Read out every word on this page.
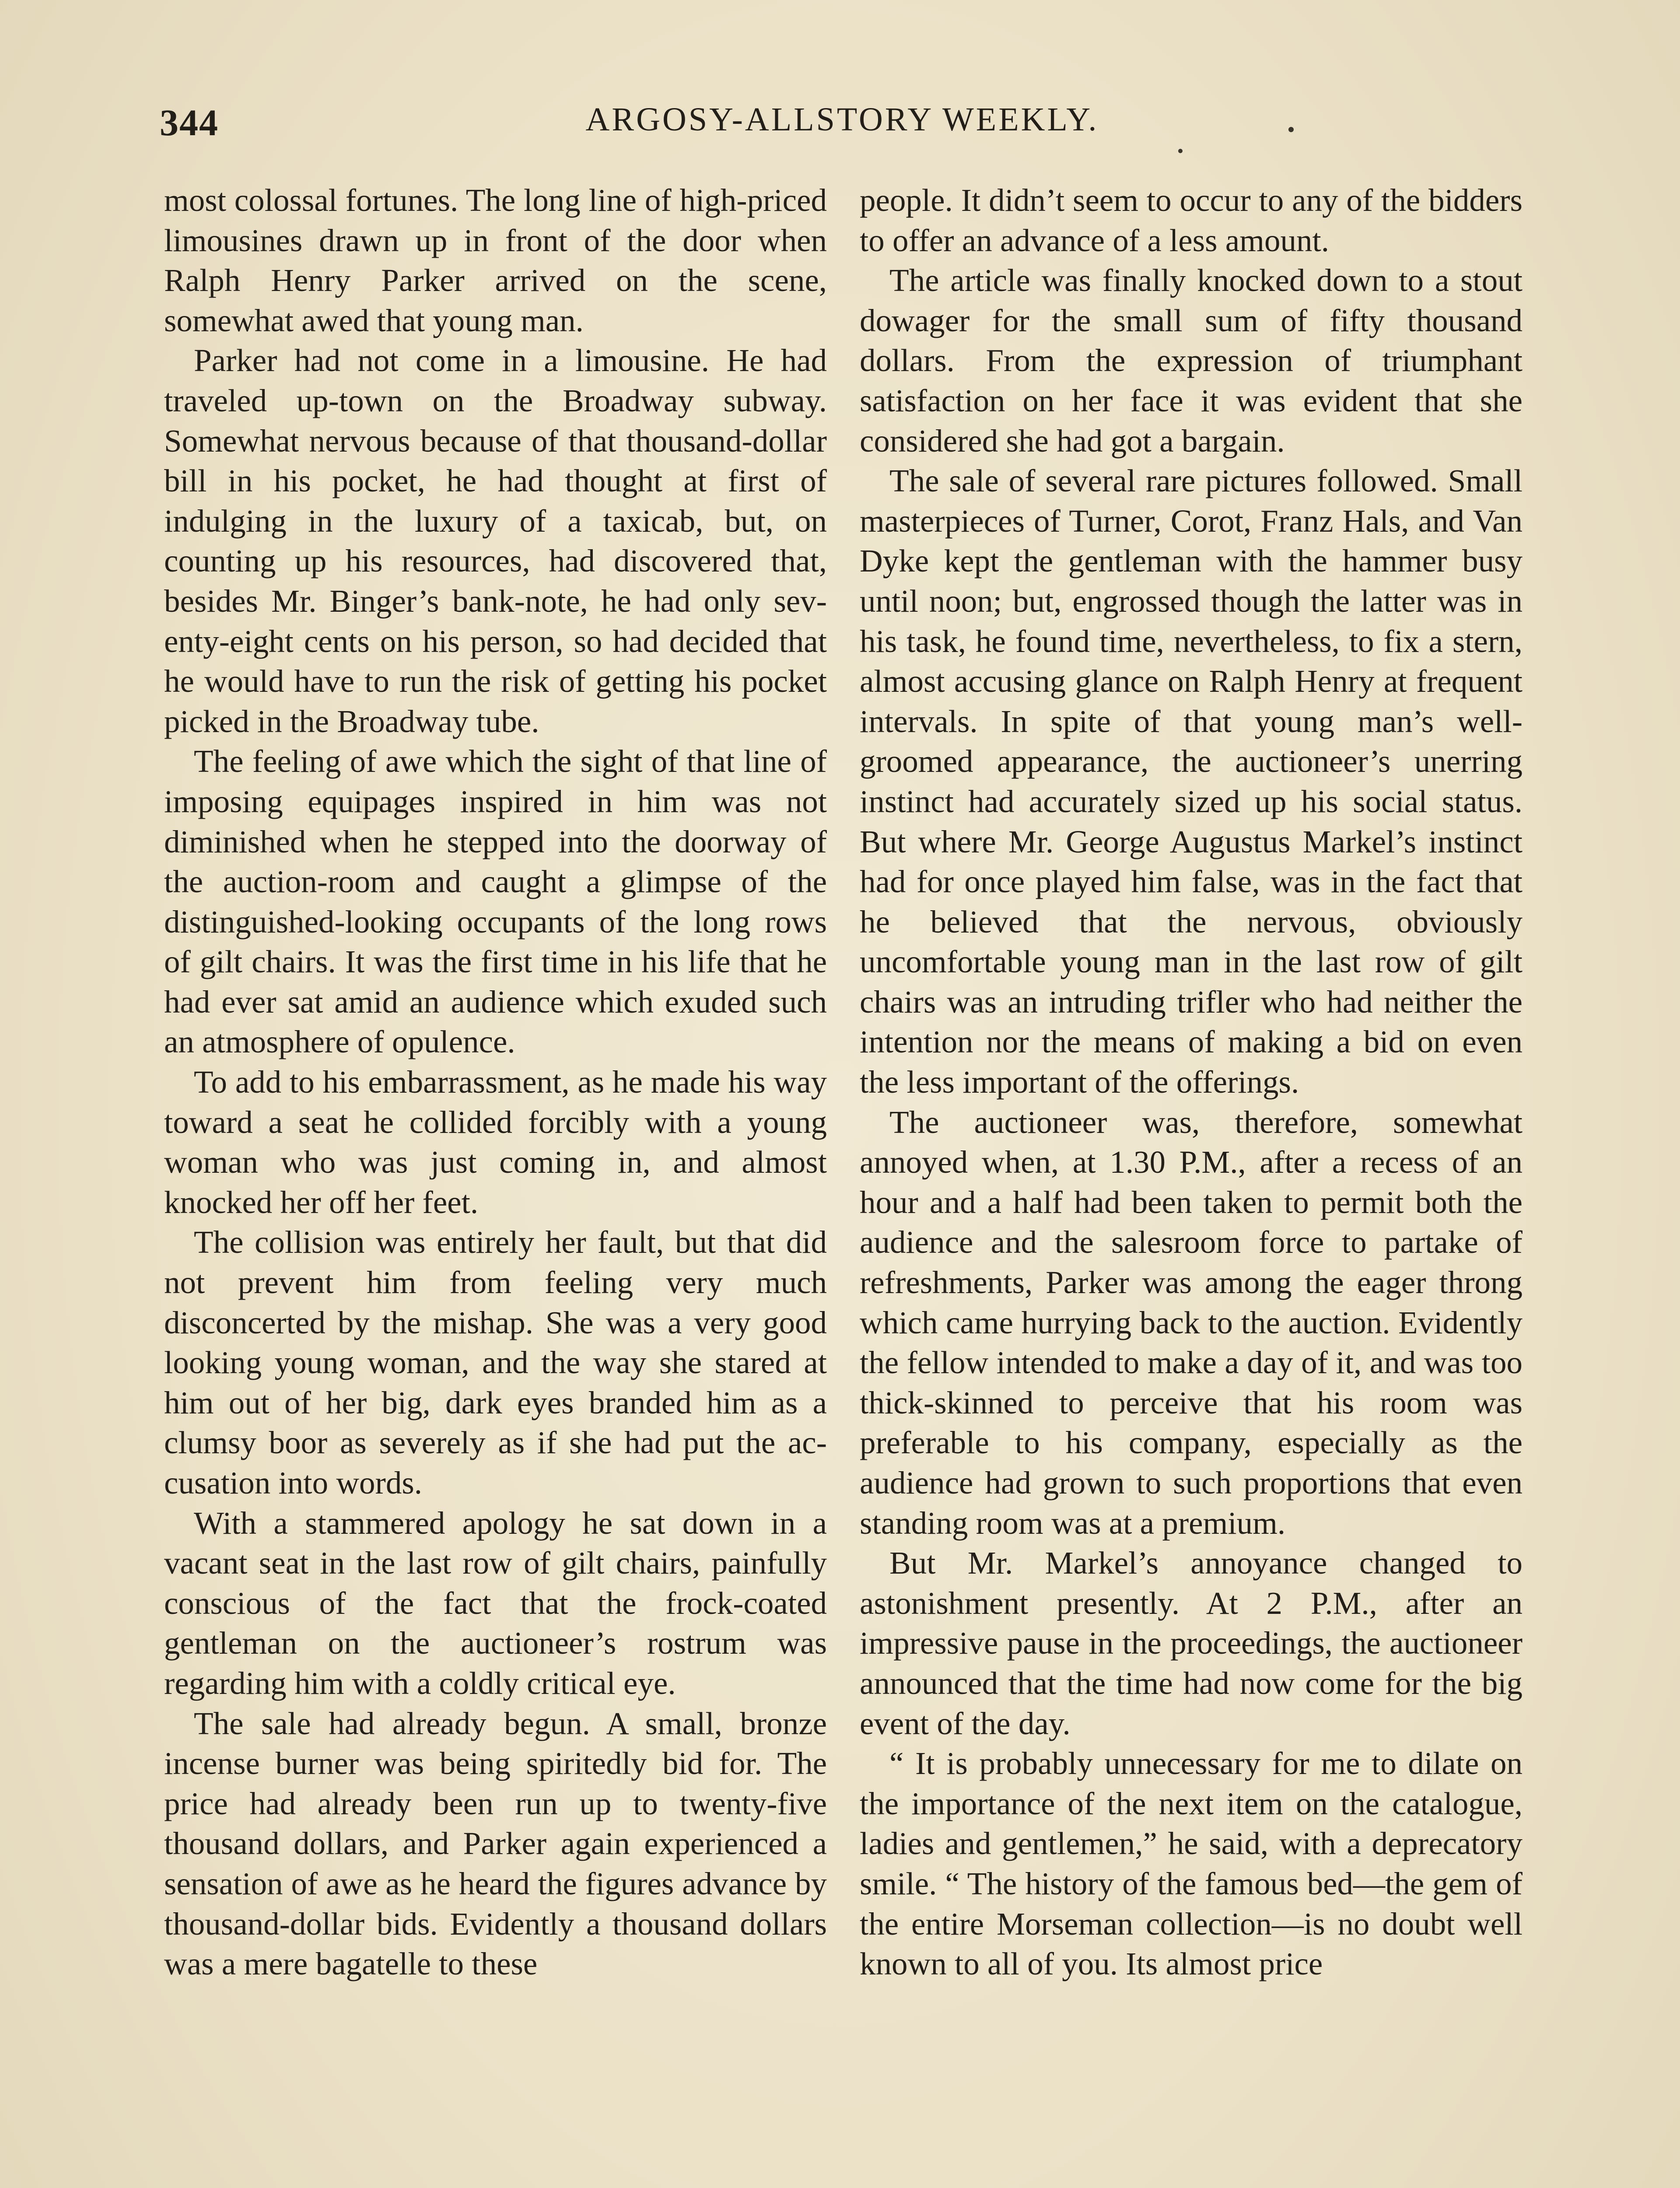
344	ARGOSY-ALLSTORY WEEKLY.

most colossal fortunes. The long line of high-priced limousines drawn up in front of the door when Ralph Henry Parker arrived on the scene, somewhat awed that young man.

Parker had not come in a limousine. He had traveled up-town on the Broadway subway. Somewhat nervous because of that thousand-dollar bill in his pocket, he had thought at first of indulging in the luxury of a taxicab, but, on counting up his resources, had discovered that, besides Mr. Binger’s bank-note, he had only seventy-eight cents on his person, so had decided that he would have to run the risk of getting his pocket picked in the Broadway tube.

The feeling of awe which the sight of that line of imposing equipages inspired in him was not diminished when he stepped into the doorway of the auction-room and caught a glimpse of the distinguished-looking occupants of the long rows of gilt chairs. It was the first time in his life that he had ever sat amid an audience which exuded such an atmosphere of opulence.

To add to his embarrassment, as he made his way toward a seat he collided forcibly with a young woman who was just coming in, and almost knocked her off her feet.

The collision was entirely her fault, but that did not prevent him from feeling very much disconcerted by the mishap. She was a very good looking young woman, and the way she stared at him out of her big, dark eyes branded him as a clumsy boor as severely as if she had put the accusation into words.

With a stammered apology he sat down in a vacant seat in the last row of gilt chairs, painfully conscious of the fact that the frock-coated gentleman on the auctioneer’s rostrum was regarding him with a coldly critical eye.

The sale had already begun. A small, bronze incense burner was being spiritedly bid for. The price had already been run up to twenty-five thousand dollars, and Parker again experienced a sensation of awe as he heard the figures advance by thousand-dollar bids. Evidently a thousand dollars was a mere bagatelle to these

people. It didn’t seem to occur to any of the bidders to offer an advance of a less amount.

The article was finally knocked down to a stout dowager for the small sum of fifty thousand dollars. From the expression of triumphant satisfaction on her face it was evident that she considered she had got a bargain.

The sale of several rare pictures followed. Small masterpieces of Turner, Corot, Franz Hals, and Van Dyke kept the gentleman with the hammer busy until noon; but, engrossed though the latter was in his task, he found time, nevertheless, to fix a stern, almost accusing glance on Ralph Henry at frequent intervals. In spite of that young man’s well-groomed appearance, the auctioneer’s unerring instinct had accurately sized up his social status. But where Mr. George Augustus Markel’s instinct had for once played him false, was in the fact that he believed that the nervous, obviously uncomfortable young man in the last row of gilt chairs was an intruding trifler who had neither the intention nor the means of making a bid on even the less important of the offerings.

The auctioneer was, therefore, somewhat annoyed when, at 1.30 P.M., after a recess of an hour and a half had been taken to permit both the audience and the salesroom force to partake of refreshments, Parker was among the eager throng which came hurrying back to the auction. Evidently the fellow intended to make a day of it, and was too thick-skinned to perceive that his room was preferable to his company, especially as the audience had grown to such proportions that even standing room was at a premium.

But Mr. Markel’s annoyance changed to astonishment presently. At 2 P.M., after an impressive pause in the proceedings, the auctioneer announced that the time had now come for the big event of the day.

“ It is probably unnecessary for me to dilate on the importance of the next item on the catalogue, ladies and gentlemen,” he said, with a deprecatory smile. “ The history of the famous bed—the gem of the entire Morseman collection—is no doubt well known to all of you. Its almost price
